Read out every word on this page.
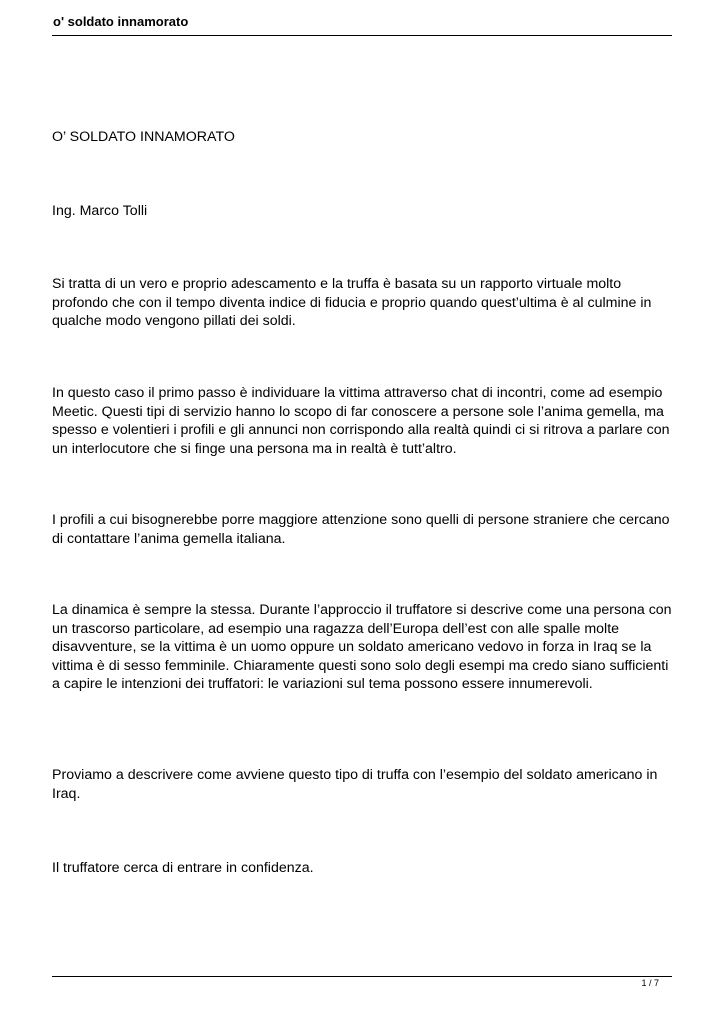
o' soldato innamorato

O’ SOLDATO INNAMORATO

Ing. Marco Tolli

Si tratta di un vero e proprio adescamento e la truffa è basata su un rapporto virtuale molto profondo che con il tempo diventa indice di fiducia e proprio quando quest’ultima è al culmine in qualche modo vengono pillati dei soldi.

In questo caso il primo passo è individuare la vittima attraverso chat di incontri, come ad esempio Meetic. Questi tipi di servizio hanno lo scopo di far conoscere a persone sole l’anima gemella, ma spesso e volentieri i profili e gli annunci non corrispondo alla realtà quindi ci si ritrova a parlare con un interlocutore che si finge una persona ma in realtà è tutt’altro.

I profili a cui bisognerebbe porre maggiore attenzione sono quelli di persone straniere che cercano di contattare l’anima gemella italiana.

La dinamica è sempre la stessa. Durante l’approccio il truffatore si descrive come una persona con un trascorso particolare, ad esempio una ragazza dell’Europa dell’est con alle spalle molte disavventure, se la vittima è un uomo oppure un soldato americano vedovo in forza in Iraq se la vittima è di sesso femminile. Chiaramente questi sono solo degli esempi ma credo siano sufficienti a capire le intenzioni dei truffatori: le variazioni sul tema possono essere innumerevoli.

Proviamo a descrivere come avviene questo tipo di truffa con l’esempio del soldato americano in Iraq.

Il truffatore cerca di entrare in confidenza.

1 / 7
